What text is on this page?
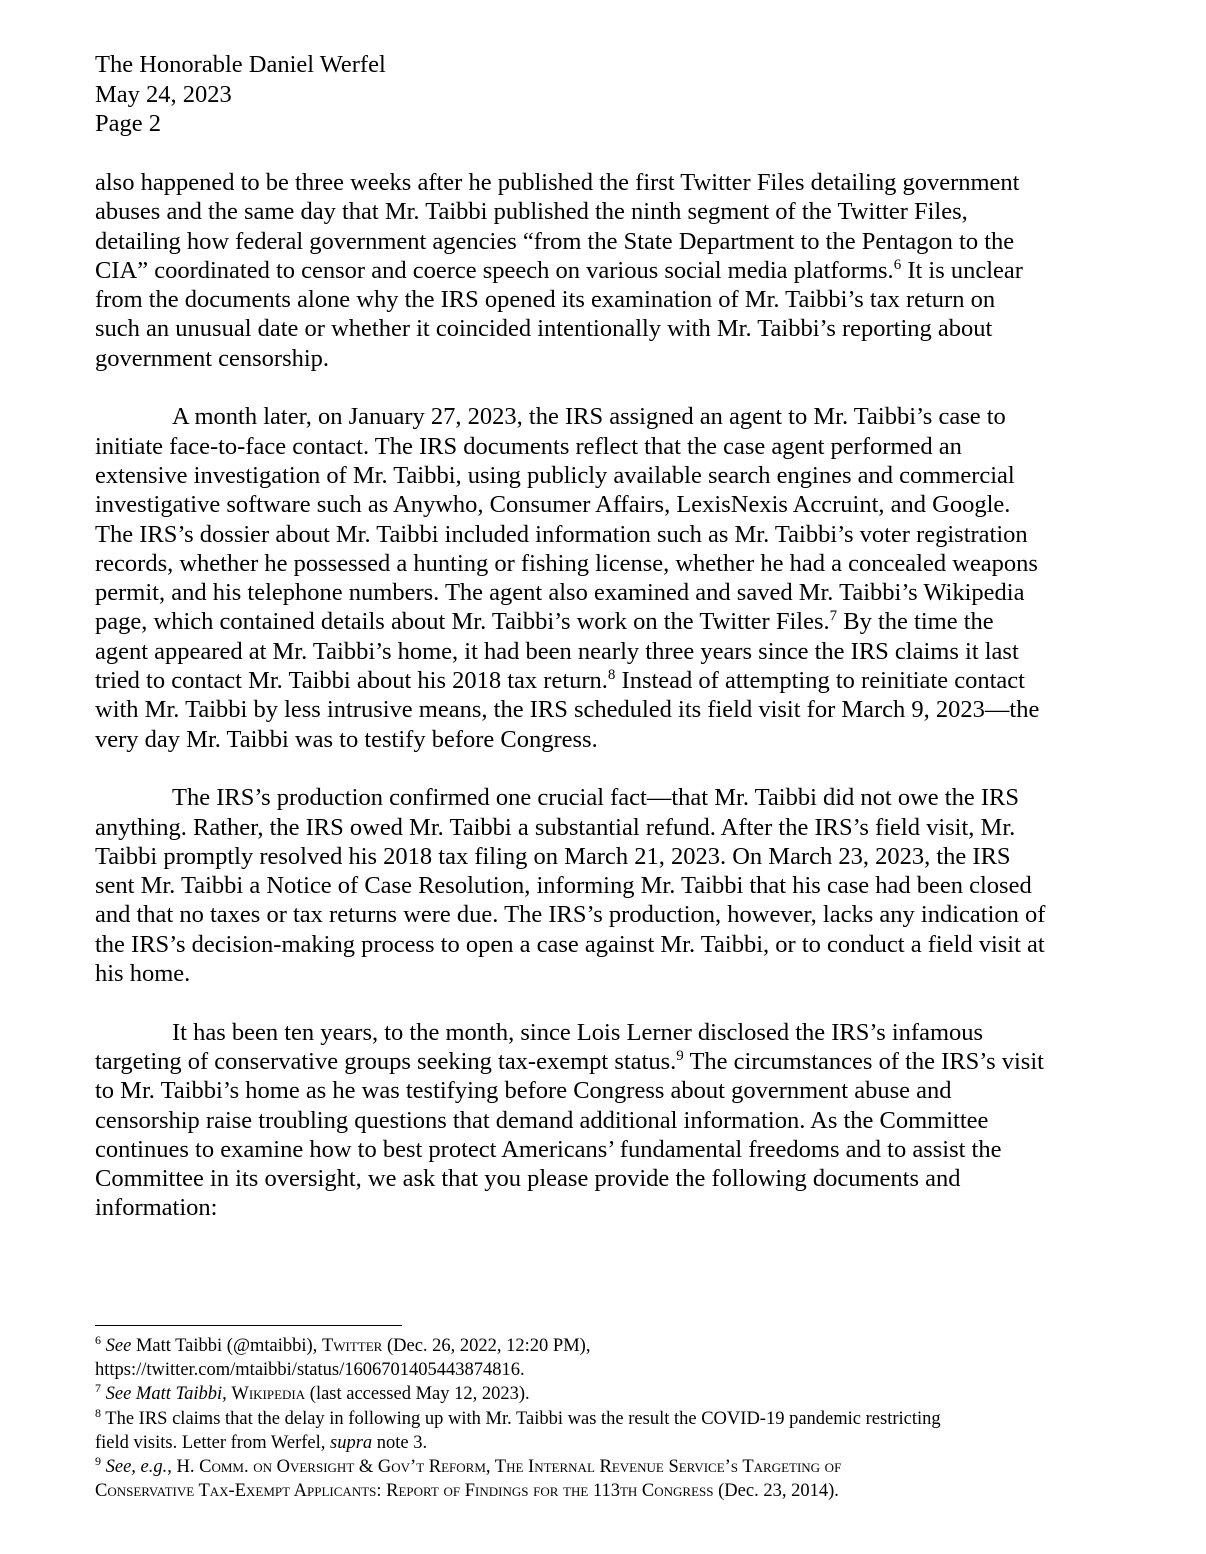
The Honorable Daniel Werfel
May 24, 2023
Page 2
also happened to be three weeks after he published the first Twitter Files detailing government
abuses and the same day that Mr. Taibbi published the ninth segment of the Twitter Files,
detailing how federal government agencies “from the State Department to the Pentagon to the
CIA” coordinated to censor and coerce speech on various social media platforms.$^6$ It is unclear
from the documents alone why the IRS opened its examination of Mr. Taibbi’s tax return on
such an unusual date or whether it coincided intentionally with Mr. Taibbi’s reporting about
government censorship.
A month later, on January 27, 2023, the IRS assigned an agent to Mr. Taibbi’s case to
initiate face-to-face contact. The IRS documents reflect that the case agent performed an
extensive investigation of Mr. Taibbi, using publicly available search engines and commercial
investigative software such as Anywho, Consumer Affairs, LexisNexis Accruint, and Google.
The IRS’s dossier about Mr. Taibbi included information such as Mr. Taibbi’s voter registration
records, whether he possessed a hunting or fishing license, whether he had a concealed weapons
permit, and his telephone numbers. The agent also examined and saved Mr. Taibbi’s Wikipedia
page, which contained details about Mr. Taibbi’s work on the Twitter Files.$^7$ By the time the
agent appeared at Mr. Taibbi’s home, it had been nearly three years since the IRS claims it last
tried to contact Mr. Taibbi about his 2018 tax return.$^8$ Instead of attempting to reinitiate contact
with Mr. Taibbi by less intrusive means, the IRS scheduled its field visit for March 9, 2023—the
very day Mr. Taibbi was to testify before Congress.
The IRS’s production confirmed one crucial fact—that Mr. Taibbi did not owe the IRS
anything. Rather, the IRS owed Mr. Taibbi a substantial refund. After the IRS’s field visit, Mr.
Taibbi promptly resolved his 2018 tax filing on March 21, 2023. On March 23, 2023, the IRS
sent Mr. Taibbi a Notice of Case Resolution, informing Mr. Taibbi that his case had been closed
and that no taxes or tax returns were due. The IRS’s production, however, lacks any indication of
the IRS’s decision-making process to open a case against Mr. Taibbi, or to conduct a field visit at
his home.
It has been ten years, to the month, since Lois Lerner disclosed the IRS’s infamous
targeting of conservative groups seeking tax-exempt status.$^9$ The circumstances of the IRS’s visit
to Mr. Taibbi’s home as he was testifying before Congress about government abuse and
censorship raise troubling questions that demand additional information. As the Committee
continues to examine how to best protect Americans’ fundamental freedoms and to assist the
Committee in its oversight, we ask that you please provide the following documents and
information:
$^6$ See Matt Taibbi (@mtaibbi), Twitter (Dec. 26, 2022, 12:20 PM),
https://twitter.com/mtaibbi/status/1606701405443874816.
$^7$ See Matt Taibbi, Wikipedia (last accessed May 12, 2023).
$^8$ The IRS claims that the delay in following up with Mr. Taibbi was the result the COVID-19 pandemic restricting
field visits. Letter from Werfel, supra note 3.
$^9$ See, e.g., H. Comm. on Oversight & Gov’t Reform, The Internal Revenue Service’s Targeting of
Conservative Tax-Exempt Applicants: Report of Findings for the 113th Congress (Dec. 23, 2014).
